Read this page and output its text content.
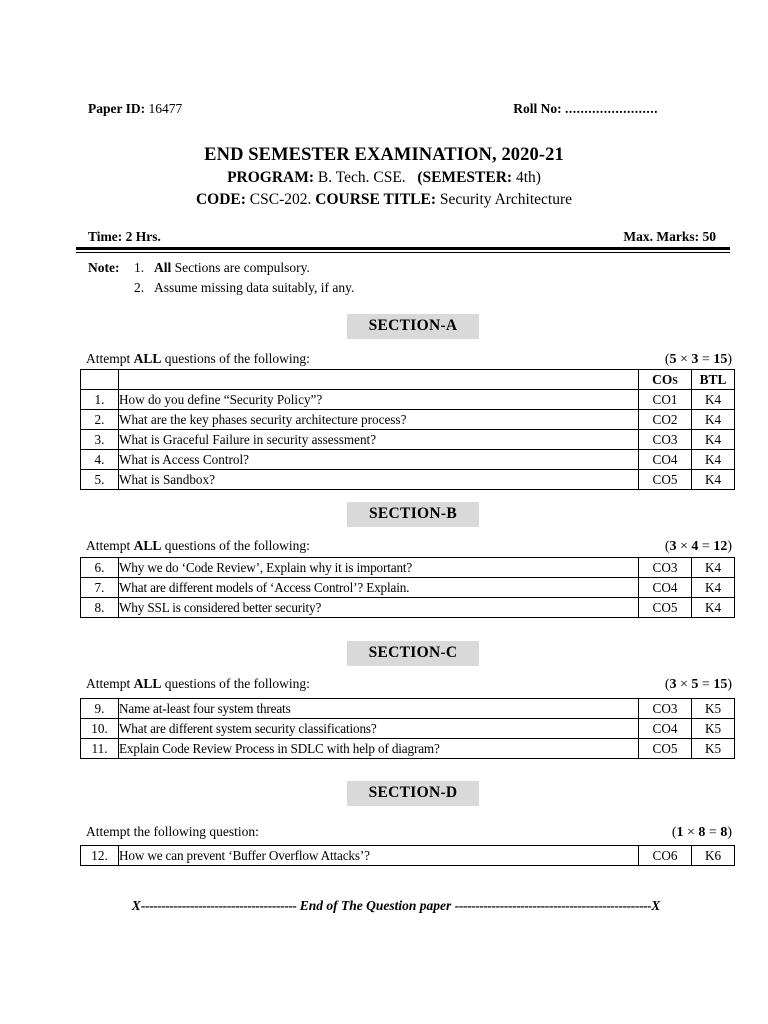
Paper ID: 16477	Roll No: ........................
END SEMESTER EXAMINATION, 2020-21
PROGRAM: B. Tech. CSE. (SEMESTER: 4th)
CODE: CSC-202. COURSE TITLE: Security Architecture
Time: 2 Hrs.	Max. Marks: 50
Note:	1. All Sections are compulsory.
2. Assume missing data suitably, if any.
SECTION-A
Attempt ALL questions of the following:	(5 × 3 = 15)
		COS	BTL
1.	How do you define “Security Policy”?	CO1	K4
2.	What are the key phases security architecture process?	CO2	K4
3.	What is Graceful Failure in security assessment?	CO3	K4
4.	What is Access Control?	CO4	K4
5.	What is Sandbox?	CO5	K4
SECTION-B
Attempt ALL questions of the following:	(3 × 4 = 12)
6.	Why we do ‘Code Review’, Explain why it is important?	CO3	K4
7.	What are different models of ‘Access Control’? Explain.	CO4	K4
8.	Why SSL is considered better security?	CO5	K4
SECTION-C
Attempt ALL questions of the following:	(3 × 5 = 15)
9.	Name at-least four system threats	CO3	K5
10.	What are different system security classifications?	CO4	K5
11.	Explain Code Review Process in SDLC with help of diagram?	CO5	K5
SECTION-D
Attempt the following question:	(1 × 8 = 8)
12.	How we can prevent ‘Buffer Overflow Attacks’?	CO6	K6
X-------------------------------------- End of The Question paper ------------------------------------------------X
